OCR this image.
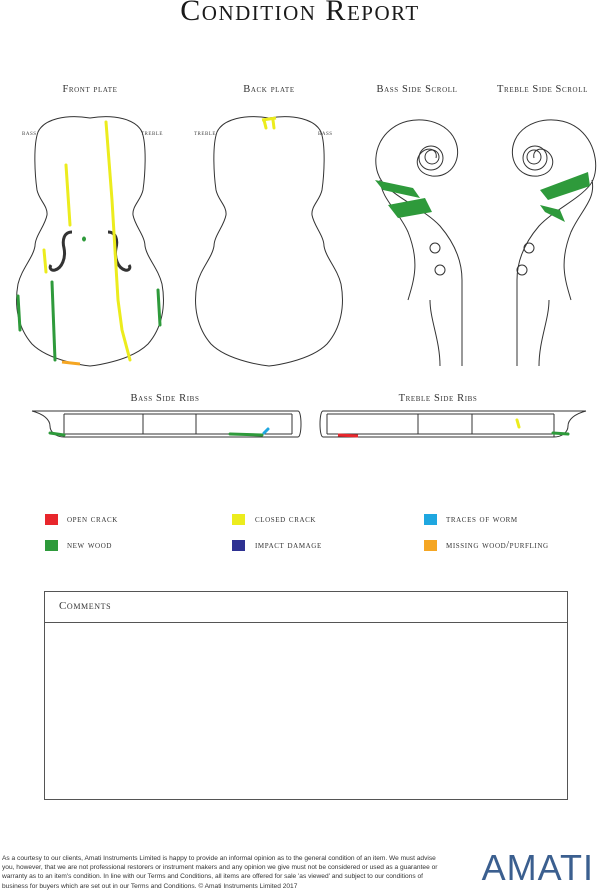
Condition Report
Front plate	Back plate	Bass Side Scroll	Treble Side Scroll
Bass Side Ribs	Treble Side Ribs
bass	treble	treble	bass
open crack	closed crack	traces of worm
new wood	impact damage	missing wood/purfling
Comments
As a courtesy to our clients, Amati Instruments Limited is happy to provide an informal opinion as to the general condition of an item. We must advise you, however, that we are not professional restorers or instrument makers and any opinion we give must not be considered or used as a guarantee or warranty as to an item's condition. In line with our Terms and Conditions, all items are offered for sale 'as viewed' and subject to our conditions of business for buyers which are set out in our Terms and Conditions. © Amati Instruments Limited 2017	AMATI
